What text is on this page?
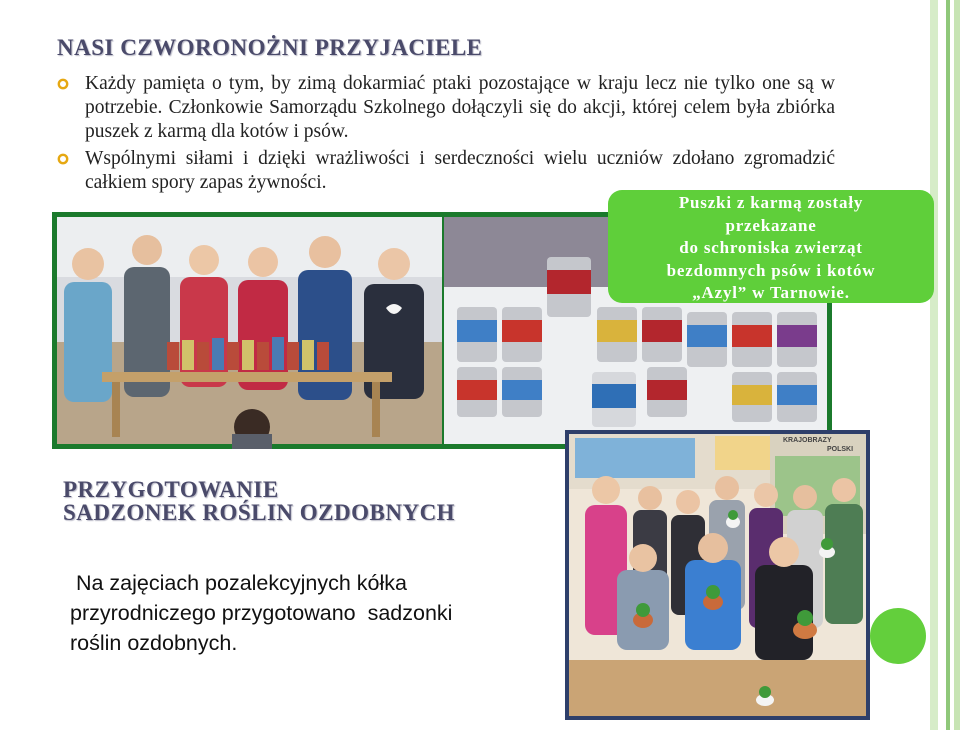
NASI CZWORONOŻNI PRZYJACIELE
Każdy pamięta o tym, by zimą dokarmiać ptaki pozostające w kraju lecz nie tylko one są w potrzebie. Członkowie Samorządu Szkolnego dołączyli się do akcji, której celem była zbiórka puszek z karmą dla kotów i psów.
Wspólnymi siłami i dzięki wrażliwości i serdeczności wielu uczniów zdołano zgromadzić całkiem spory zapas żywności.
Puszki z karmą zostały
przekazane
do schroniska zwierząt
bezdomnych psów i kotów
„Azyl” w Tarnowie.
PRZYGOTOWANIE
SADZONEK ROŚLIN OZDOBNYCH
Na zajęciach pozalekcyjnych kółka
przyrodniczego przygotowano  sadzonki
roślin ozdobnych.
KRAJOBRAZY
POLSKI
